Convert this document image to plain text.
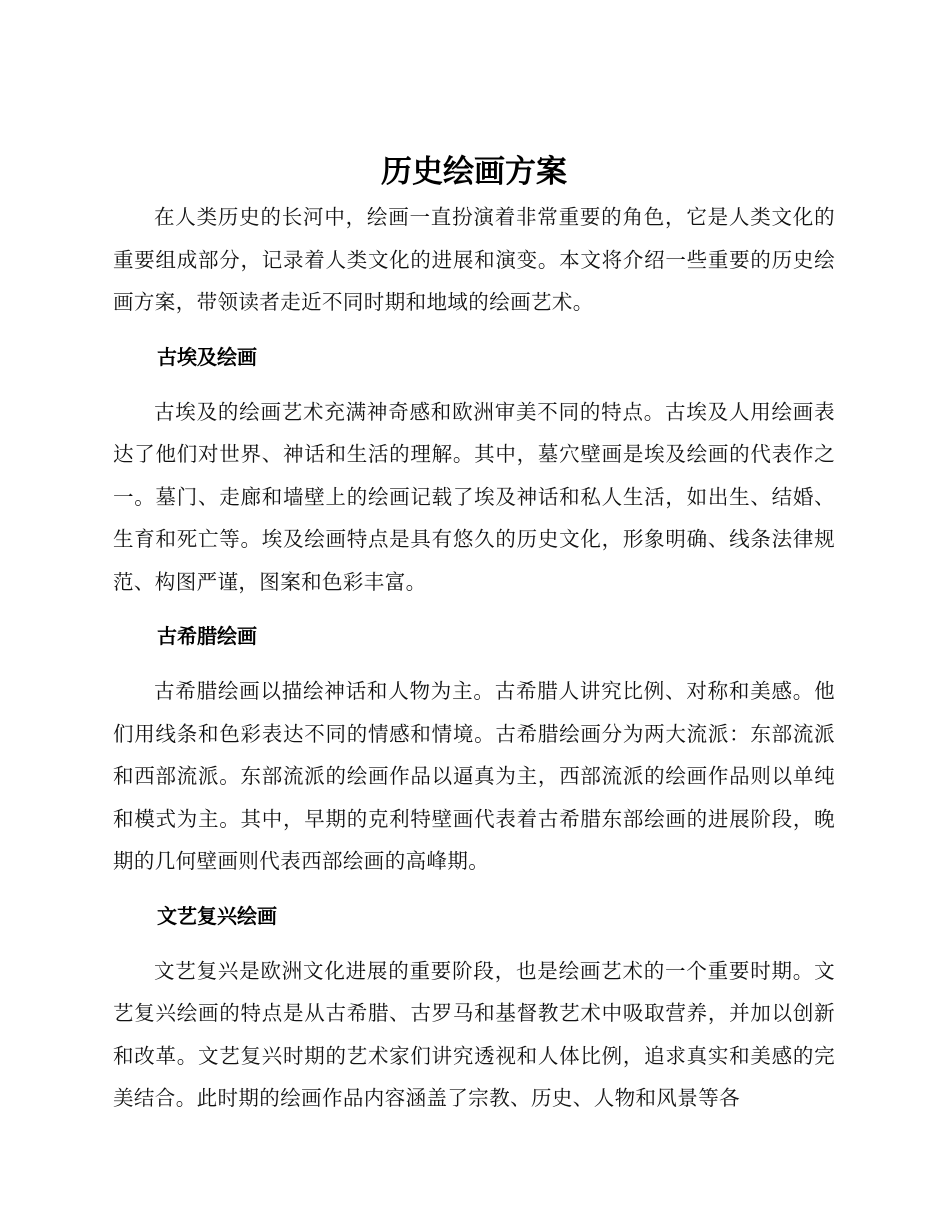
历史绘画方案

在人类历史的长河中，绘画一直扮演着非常重要的角色，它是人类文化的重要组成部分，记录着人类文化的进展和演变。本文将介绍一些重要的历史绘画方案，带领读者走近不同时期和地域的绘画艺术。

古埃及绘画

古埃及的绘画艺术充满神奇感和欧洲审美不同的特点。古埃及人用绘画表达了他们对世界、神话和生活的理解。其中，墓穴壁画是埃及绘画的代表作之一。墓门、走廊和墙壁上的绘画记载了埃及神话和私人生活，如出生、结婚、生育和死亡等。埃及绘画特点是具有悠久的历史文化，形象明确、线条法律规范、构图严谨，图案和色彩丰富。

古希腊绘画

古希腊绘画以描绘神话和人物为主。古希腊人讲究比例、对称和美感。他们用线条和色彩表达不同的情感和情境。古希腊绘画分为两大流派：东部流派和西部流派。东部流派的绘画作品以逼真为主，西部流派的绘画作品则以单纯和模式为主。其中，早期的克利特壁画代表着古希腊东部绘画的进展阶段，晚期的几何壁画则代表西部绘画的高峰期。

文艺复兴绘画

文艺复兴是欧洲文化进展的重要阶段，也是绘画艺术的一个重要时期。文艺复兴绘画的特点是从古希腊、古罗马和基督教艺术中吸取营养，并加以创新和改革。文艺复兴时期的艺术家们讲究透视和人体比例，追求真实和美感的完美结合。此时期的绘画作品内容涵盖了宗教、历史、人物和风景等各
